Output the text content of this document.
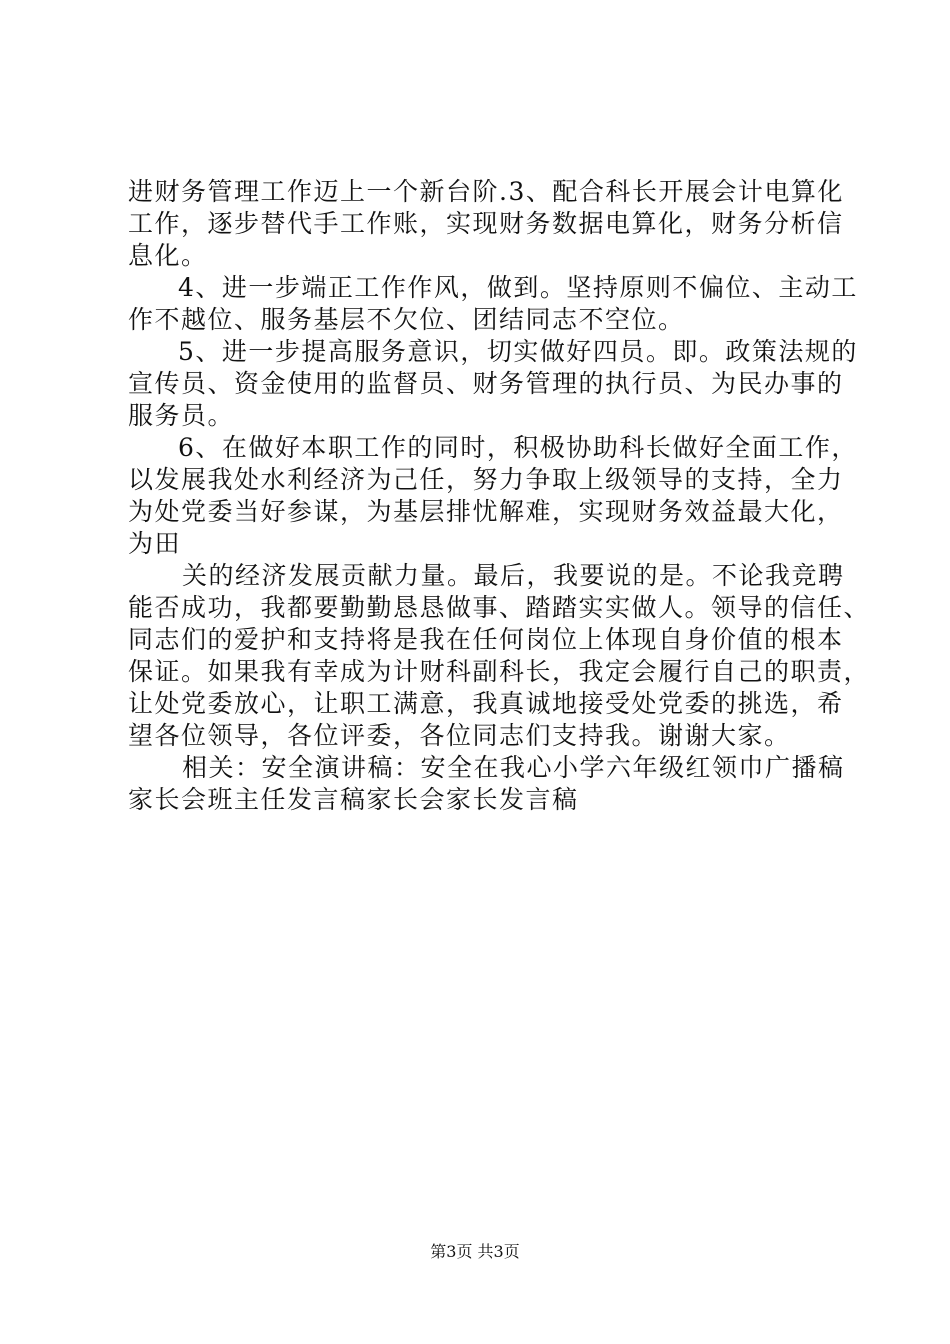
进财务管理工作迈上一个新台阶.3、配合科长开展会计电算化
工作，逐步替代手工作账，实现财务数据电算化，财务分析信
息化。
4、进一步端正工作作风，做到。坚持原则不偏位、主动工
作不越位、服务基层不欠位、团结同志不空位。
5、进一步提高服务意识，切实做好四员。即。政策法规的
宣传员、资金使用的监督员、财务管理的执行员、为民办事的
服务员。
6、在做好本职工作的同时，积极协助科长做好全面工作，
以发展我处水利经济为己任，努力争取上级领导的支持，全力
为处党委当好参谋，为基层排忧解难，实现财务效益最大化，
为田
关的经济发展贡献力量。最后，我要说的是。不论我竞聘
能否成功，我都要勤勤恳恳做事、踏踏实实做人。领导的信任、
同志们的爱护和支持将是我在任何岗位上体现自身价值的根本
保证。如果我有幸成为计财科副科长，我定会履行自己的职责，
让处党委放心，让职工满意，我真诚地接受处党委的挑选，希
望各位领导，各位评委，各位同志们支持我。谢谢大家。
相关：安全演讲稿：安全在我心小学六年级红领巾广播稿
家长会班主任发言稿家长会家长发言稿
第3页 共3页
